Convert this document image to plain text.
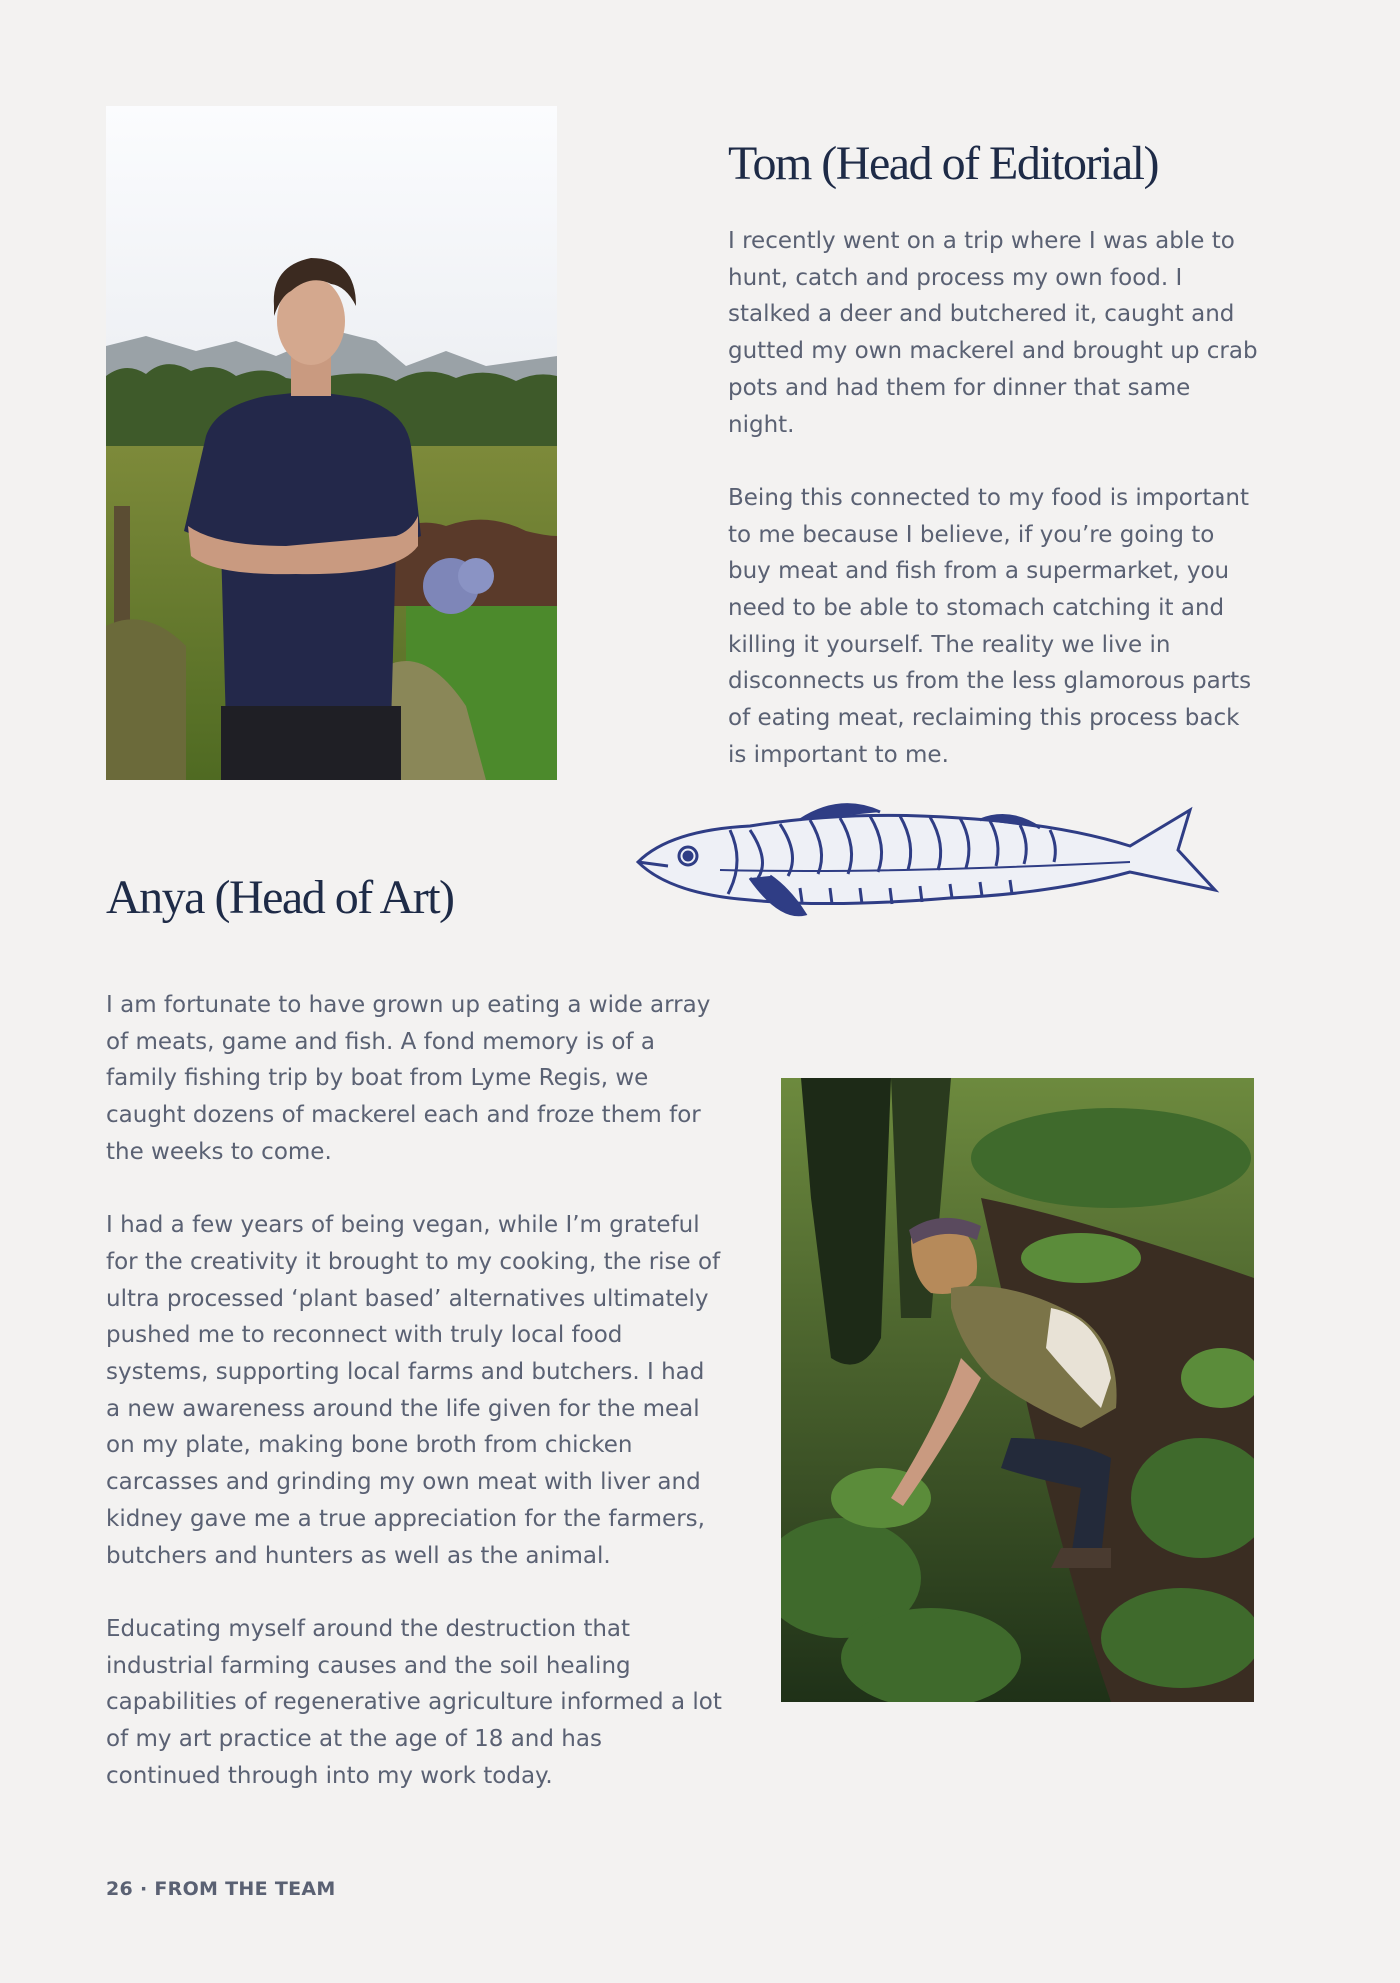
Tom (Head of Editorial)

I recently went on a trip where I was able to hunt, catch and process my own food. I stalked a deer and butchered it, caught and gutted my own mackerel and brought up crab pots and had them for dinner that same night.

Being this connected to my food is important to me because I believe, if you’re going to buy meat and fish from a supermarket, you need to be able to stomach catching it and killing it yourself. The reality we live in disconnects us from the less glamorous parts of eating meat, reclaiming this process back is important to me.

Anya (Head of Art)

I am fortunate to have grown up eating a wide array of meats, game and fish. A fond memory is of a family fishing trip by boat from Lyme Regis, we caught dozens of mackerel each and froze them for the weeks to come.

I had a few years of being vegan, while I’m grateful for the creativity it brought to my cooking, the rise of ultra processed ‘plant based’ alternatives ultimately pushed me to reconnect with truly local food systems, supporting local farms and butchers. I had a new awareness around the life given for the meal on my plate, making bone broth from chicken carcasses and grinding my own meat with liver and kidney gave me a true appreciation for the farmers, butchers and hunters as well as the animal.

Educating myself around the destruction that industrial farming causes and the soil healing capabilities of regenerative agriculture informed a lot of my art practice at the age of 18 and has continued through into my work today.

26 · FROM THE TEAM
